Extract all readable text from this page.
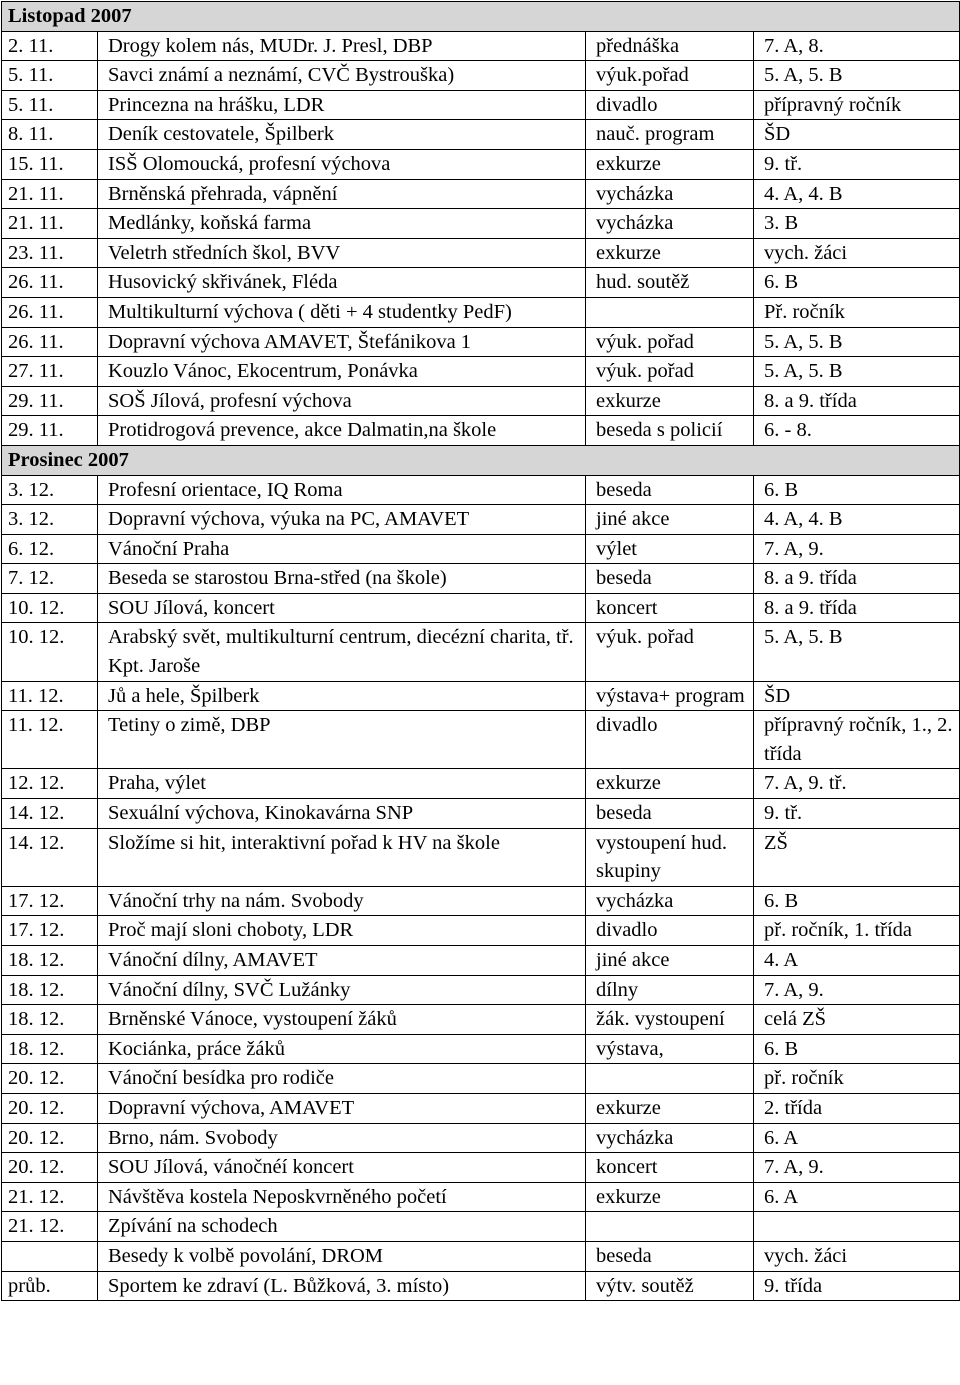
Listopad 2007			
2. 11.	Drogy kolem nás, MUDr. J. Presl, DBP	přednáška	7. A, 8.
5. 11.	Savci známí a neznámí, CVČ Bystrouška)	výuk.pořad	5. A, 5. B
5. 11.	Princezna na hrášku, LDR	divadlo	přípravný ročník
8. 11.	Deník cestovatele, Špilberk	nauč. program	ŠD
15. 11.	ISŠ Olomoucká, profesní výchova	exkurze	9. tř.
21. 11.	Brněnská přehrada, vápnění	vycházka	4. A, 4. B
21. 11.	Medlánky, koňská farma	vycházka	3. B
23. 11.	Veletrh středních škol, BVV	exkurze	vych. žáci
26. 11.	Husovický skřivánek, Fléda	hud. soutěž	6. B
26. 11.	Multikulturní výchova ( děti + 4 studentky PedF)		Př. ročník
26. 11.	Dopravní výchova AMAVET, Štefánikova 1	výuk. pořad	5. A, 5. B
27. 11.	Kouzlo Vánoc, Ekocentrum, Ponávka	výuk. pořad	5. A, 5. B
29. 11.	SOŠ Jílová, profesní výchova	exkurze	8. a 9. třída
29. 11.	Protidrogová prevence, akce Dalmatin,na škole	beseda s policií	6. - 8.
Prosinec 2007			
3. 12.	Profesní orientace, IQ Roma	beseda	6. B
3. 12.	Dopravní výchova, výuka na PC, AMAVET	jiné akce	4. A, 4. B
6. 12.	Vánoční Praha	výlet	7. A, 9.
7. 12.	Beseda se starostou Brna-střed (na škole)	beseda	8. a 9. třída
10. 12.	SOU Jílová, koncert	koncert	8. a 9. třída
10. 12.	Arabský svět, multikulturní centrum, diecézní charita, tř. Kpt. Jaroše	výuk. pořad	5. A, 5. B
11. 12.	Jů a hele, Špilberk	výstava+ program	ŠD
11. 12.	Tetiny o zimě, DBP	divadlo	přípravný ročník, 1., 2. třída
12. 12.	Praha, výlet	exkurze	7. A, 9. tř.
14. 12.	Sexuální výchova, Kinokavárna SNP	beseda	9. tř.
14. 12.	Složíme si hit, interaktivní pořad k HV na škole	vystoupení hud. skupiny	ZŠ
17. 12.	Vánoční trhy na nám. Svobody	vycházka	6. B
17. 12.	Proč mají sloni choboty, LDR	divadlo	př. ročník, 1. třída
18. 12.	Vánoční dílny, AMAVET	jiné akce	4. A
18. 12.	Vánoční dílny, SVČ Lužánky	dílny	7. A, 9.
18. 12.	Brněnské Vánoce, vystoupení žáků	žák. vystoupení	celá ZŠ
18. 12.	Kociánka, práce žáků	výstava,	6. B
20. 12.	Vánoční besídka pro rodiče		př. ročník
20. 12.	Dopravní výchova, AMAVET	exkurze	2. třída
20. 12.	Brno, nám. Svobody	vycházka	6. A
20. 12.	SOU Jílová, vánočnéí koncert	koncert	7. A, 9.
21. 12.	Návštěva kostela Neposkvrněného početí	exkurze	6. A
21. 12.	Zpívání na schodech		
	Besedy k volbě povolání, DROM	beseda	vych. žáci
průb.	Sportem ke zdraví (L. Bůžková, 3. místo)	výtv. soutěž	9. třída
